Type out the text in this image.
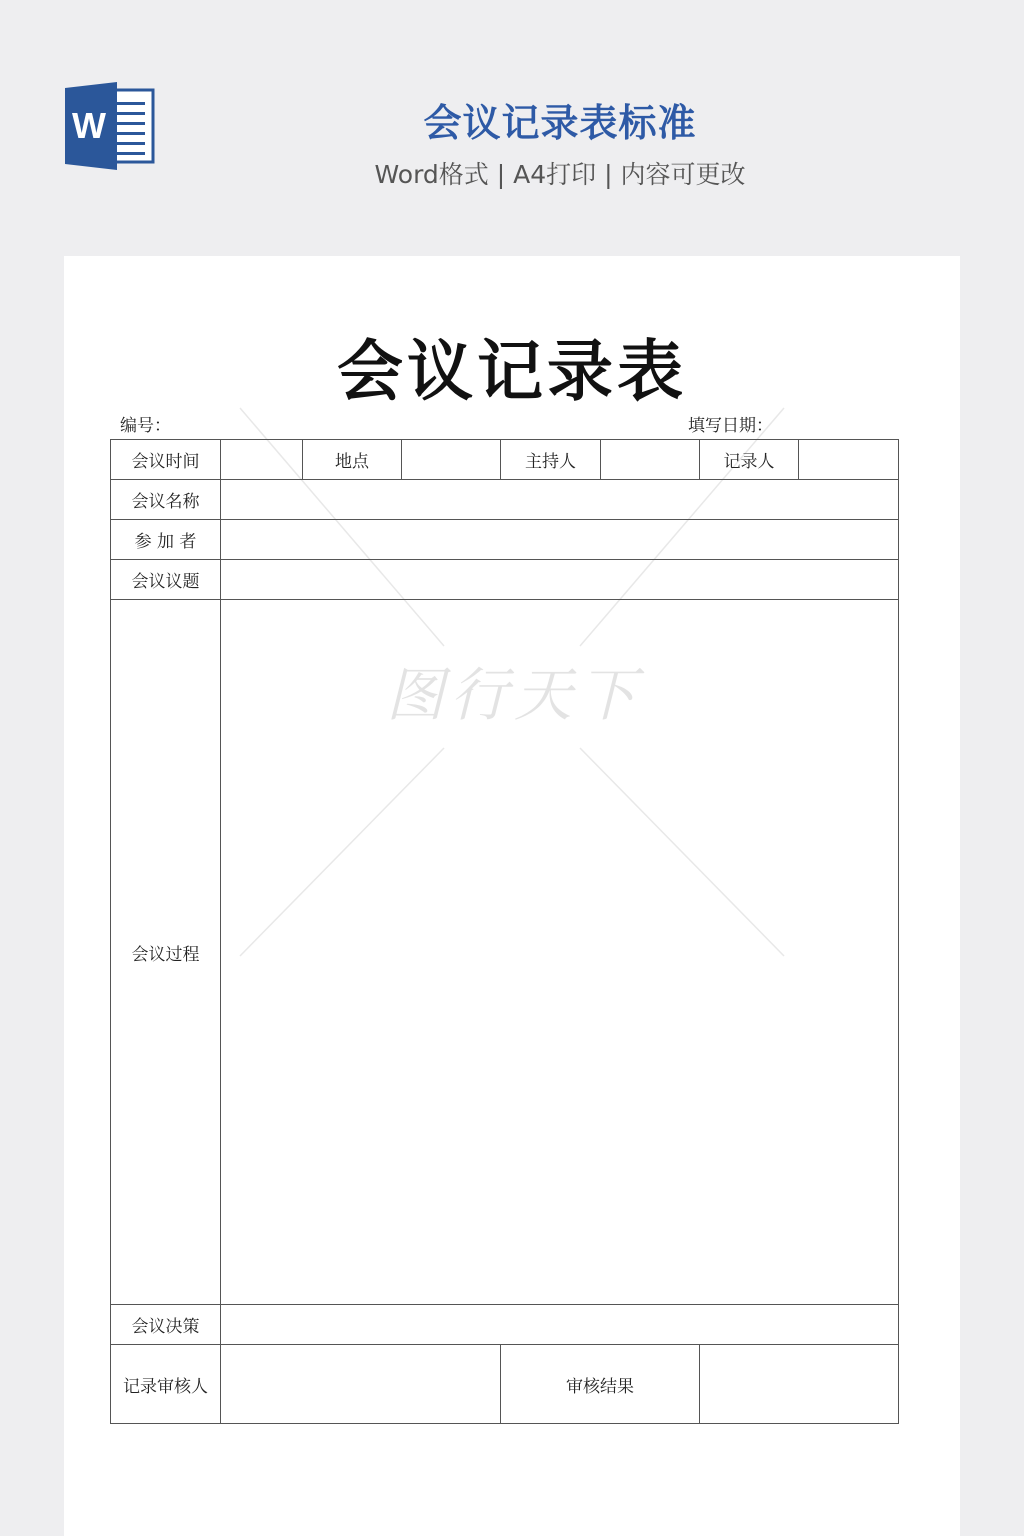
W	会议记录表标准
Word格式 | A4打印 | 内容可更改
图行天下
会议记录表
编号：	填写日期：
会议时间		地点		主持人		记录人	
会议名称							
参 加 者							
会议议题							
会议过程							
会议决策							
记录审核人				审核结果			
